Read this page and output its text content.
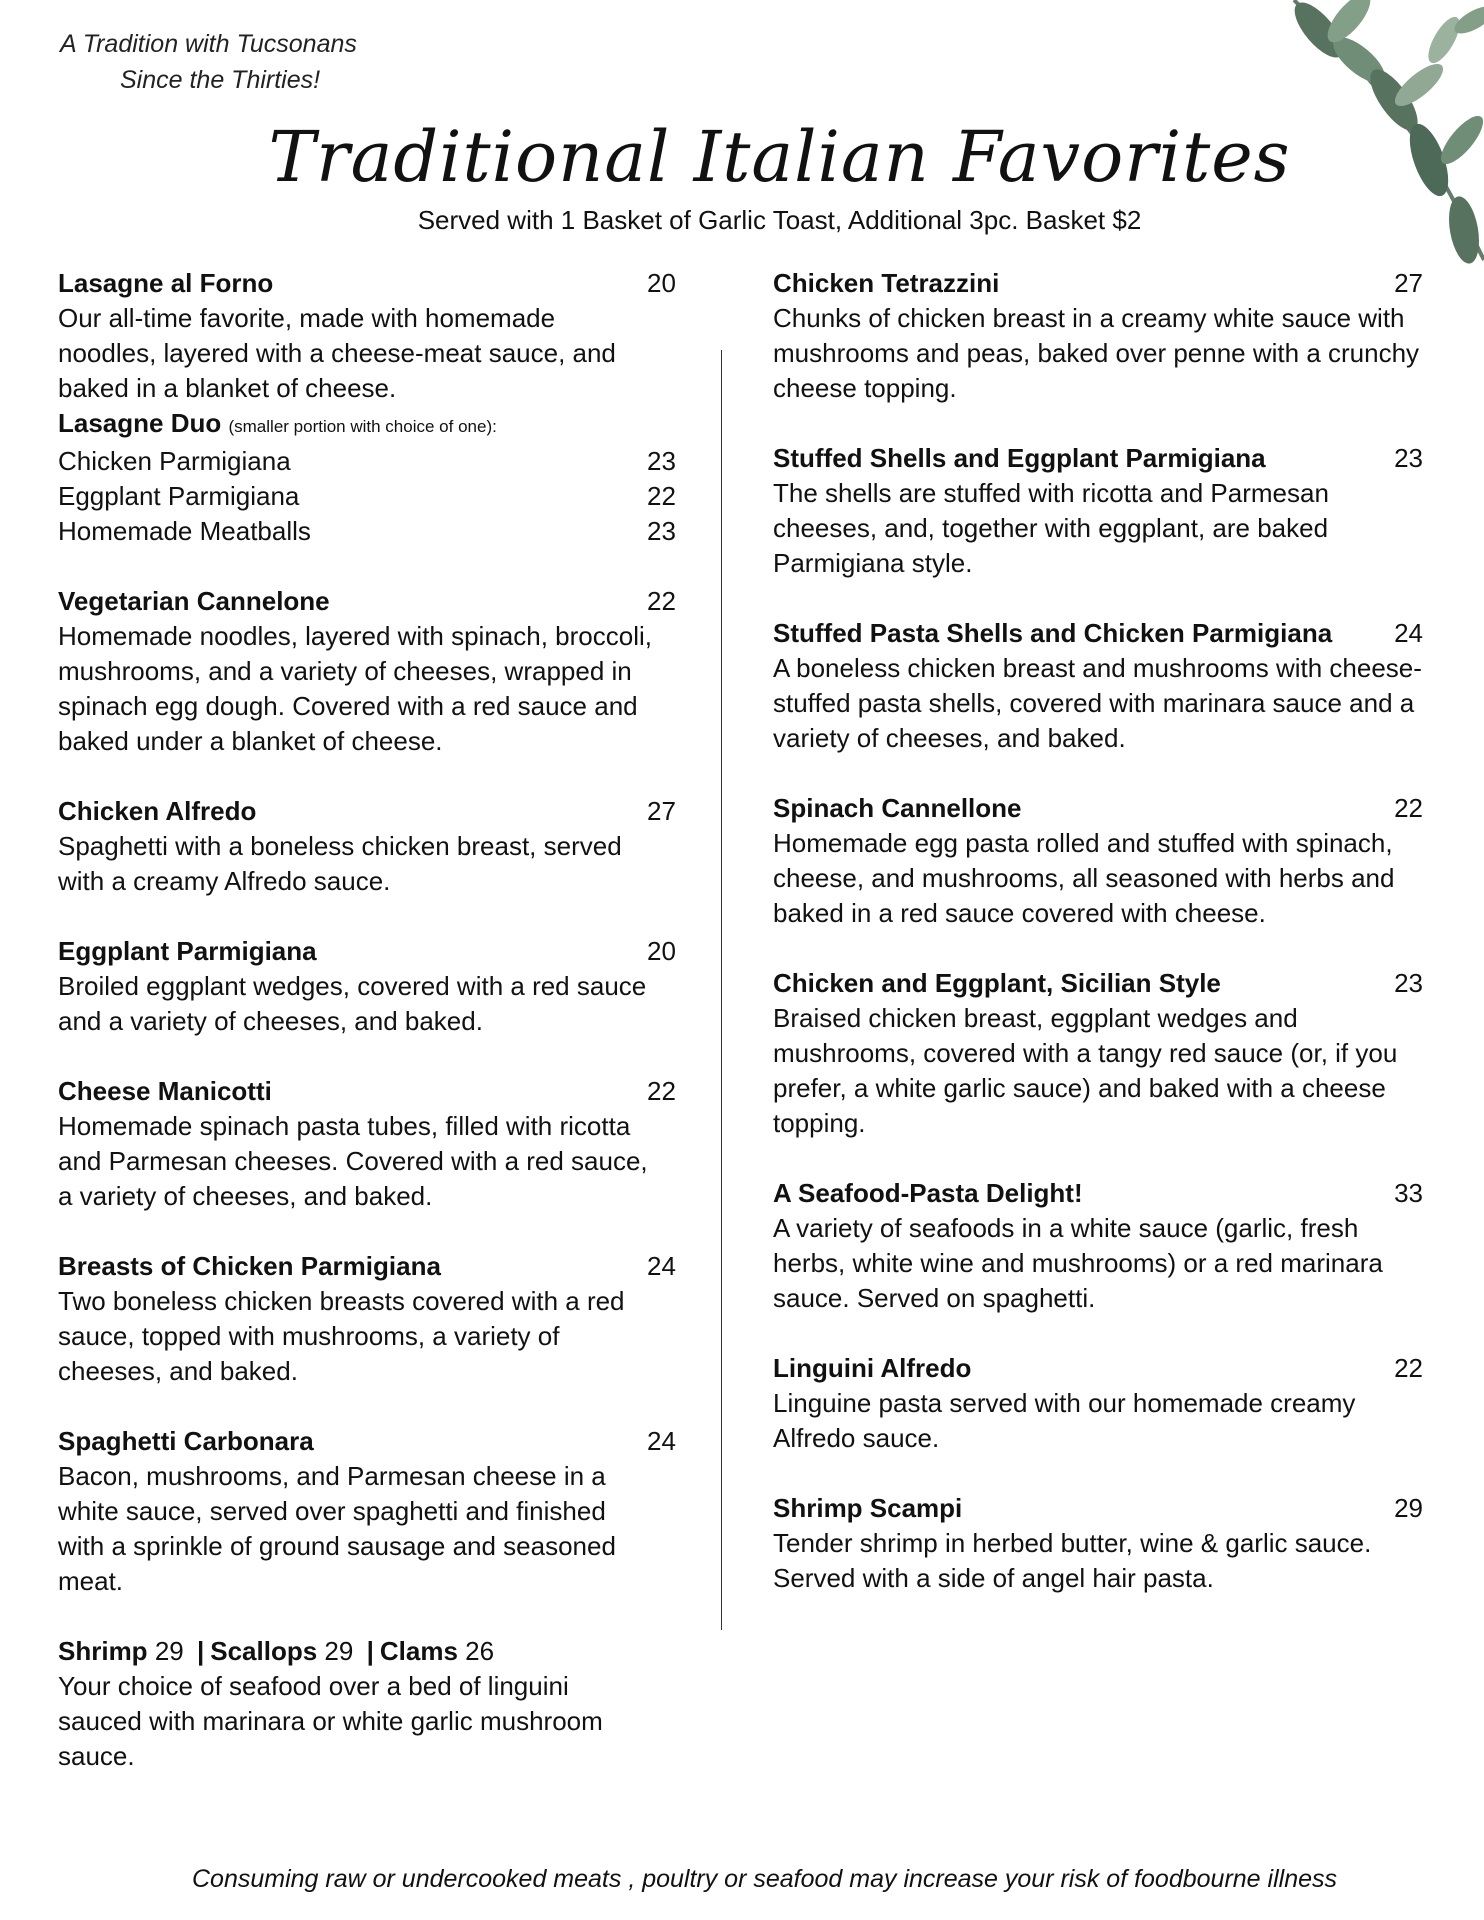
A Tradition with Tucsonans
Since the Thirties!
Traditional Italian Favorites
Served with 1 Basket of Garlic Toast, Additional 3pc. Basket $2
Lasagne al Forno	20
Our all-time favorite, made with homemade noodles, layered with a cheese-meat sauce, and baked in a blanket of cheese.
Lasagne Duo (smaller portion with choice of one):
Chicken Parmigiana	23
Eggplant Parmigiana	22
Homemade Meatballs	23
Vegetarian Cannelone	22
Homemade noodles, layered with spinach, broccoli, mushrooms, and a variety of cheeses, wrapped in spinach egg dough. Covered with a red sauce and baked under a blanket of cheese.
Chicken Alfredo	27
Spaghetti with a boneless chicken breast, served with a creamy Alfredo sauce.
Eggplant Parmigiana	20
Broiled eggplant wedges, covered with a red sauce and a variety of cheeses, and baked.
Cheese Manicotti	22
Homemade spinach pasta tubes, filled with ricotta and Parmesan cheeses. Covered with a red sauce, a variety of cheeses, and baked.
Breasts of Chicken Parmigiana	24
Two boneless chicken breasts covered with a red sauce, topped with mushrooms, a variety of cheeses, and baked.
Spaghetti Carbonara	24
Bacon, mushrooms, and Parmesan cheese in a white sauce, served over spaghetti and finished with a sprinkle of ground sausage and seasoned meat.
Shrimp 29 | Scallops 29 | Clams 26
Your choice of seafood over a bed of linguini sauced with marinara or white garlic mushroom sauce.
Chicken Tetrazzini	27
Chunks of chicken breast in a creamy white sauce with mushrooms and peas, baked over penne with a crunchy cheese topping.
Stuffed Shells and Eggplant Parmigiana	23
The shells are stuffed with ricotta and Parmesan cheeses, and, together with eggplant, are baked Parmigiana style.
Stuffed Pasta Shells and Chicken Parmigiana 24
A boneless chicken breast and mushrooms with cheese-stuffed pasta shells, covered with marinara sauce and a variety of cheeses, and baked.
Spinach Cannellone	22
Homemade egg pasta rolled and stuffed with spinach, cheese, and mushrooms, all seasoned with herbs and baked in a red sauce covered with cheese.
Chicken and Eggplant, Sicilian Style	23
Braised chicken breast, eggplant wedges and mushrooms, covered with a tangy red sauce (or, if you prefer, a white garlic sauce) and baked with a cheese topping.
A Seafood-Pasta Delight!	33
A variety of seafoods in a white sauce (garlic, fresh herbs, white wine and mushrooms) or a red marinara sauce. Served on spaghetti.
Linguini Alfredo	22
Linguine pasta served with our homemade creamy Alfredo sauce.
Shrimp Scampi	29
Tender shrimp in herbed butter, wine & garlic sauce. Served with a side of angel hair pasta.
Consuming raw or undercooked meats , poultry or seafood may increase your risk of foodbourne illness
